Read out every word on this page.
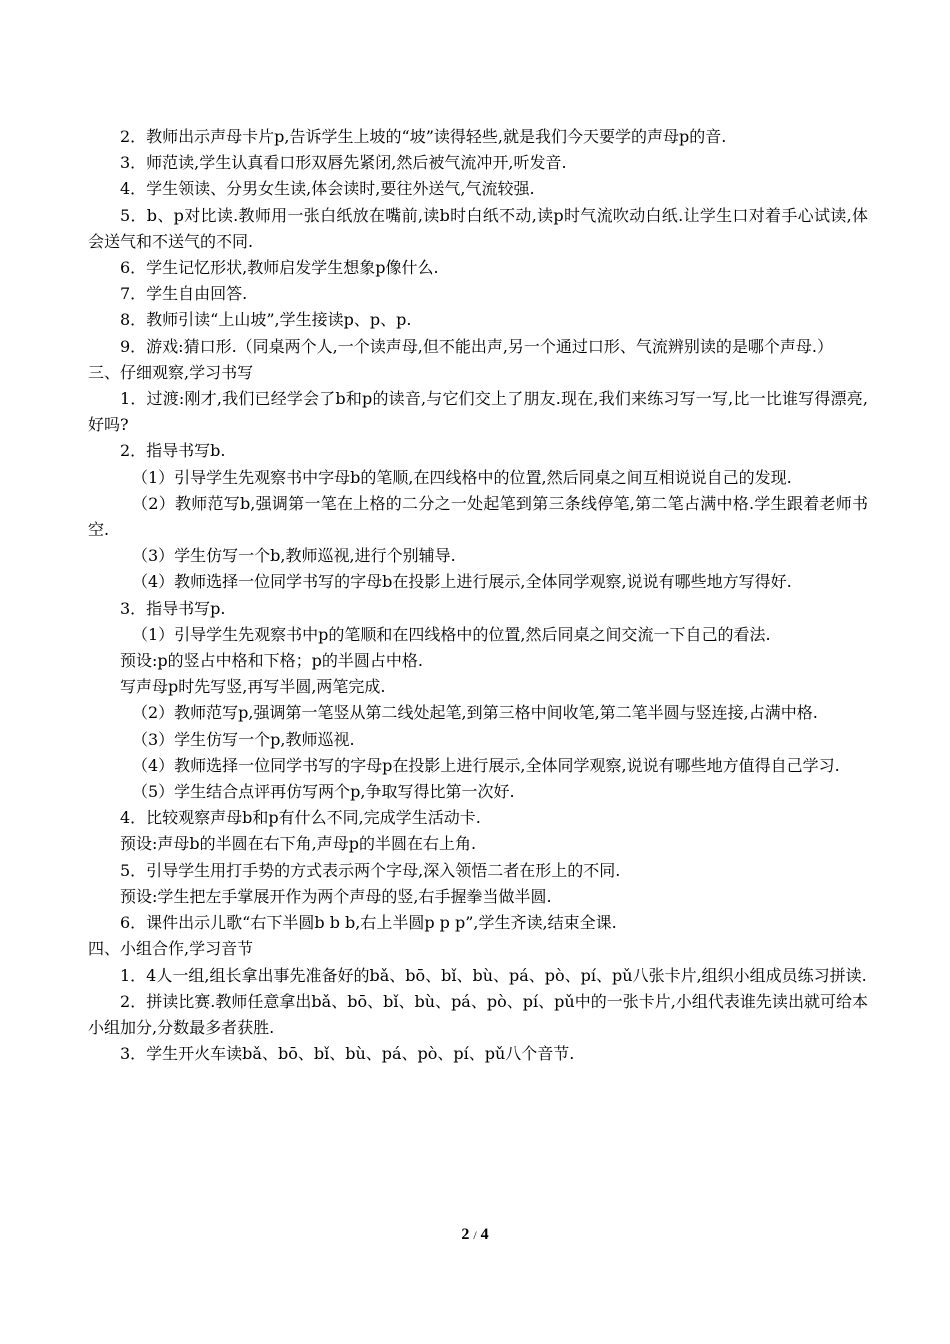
2．教师出示声母卡片p,告诉学生上坡的“坡”读得轻些,就是我们今天要学的声母p的音.

3．师范读,学生认真看口形双唇先紧闭,然后被气流冲开,听发音.

4．学生领读、分男女生读,体会读时,要往外送气,气流较强.

5．b、p对比读.教师用一张白纸放在嘴前,读b时白纸不动,读p时气流吹动白纸.让学生口对着手心试读,体会送气和不送气的不同.

6．学生记忆形状,教师启发学生想象p像什么.

7．学生自由回答.

8．教师引读“上山坡”,学生接读p、p、p.

9．游戏:猜口形.（同桌两个人,一个读声母,但不能出声,另一个通过口形、气流辨别读的是哪个声母.）

三、仔细观察,学习书写

1．过渡:刚才,我们已经学会了b和p的读音,与它们交上了朋友.现在,我们来练习写一写,比一比谁写得漂亮,好吗?

2．指导书写b.

（1）引导学生先观察书中字母b的笔顺,在四线格中的位置,然后同桌之间互相说说自己的发现.

（2）教师范写b,强调第一笔在上格的二分之一处起笔到第三条线停笔,第二笔占满中格.学生跟着老师书空.

（3）学生仿写一个b,教师巡视,进行个别辅导.

（4）教师选择一位同学书写的字母b在投影上进行展示,全体同学观察,说说有哪些地方写得好.

3．指导书写p.

（1）引导学生先观察书中p的笔顺和在四线格中的位置,然后同桌之间交流一下自己的看法.

预设:p的竖占中格和下格；p的半圆占中格.

写声母p时先写竖,再写半圆,两笔完成.

（2）教师范写p,强调第一笔竖从第二线处起笔,到第三格中间收笔,第二笔半圆与竖连接,占满中格.

（3）学生仿写一个p,教师巡视.

（4）教师选择一位同学书写的字母p在投影上进行展示,全体同学观察,说说有哪些地方值得自己学习.

（5）学生结合点评再仿写两个p,争取写得比第一次好.

4．比较观察声母b和p有什么不同,完成学生活动卡.

预设:声母b的半圆在右下角,声母p的半圆在右上角.

5．引导学生用打手势的方式表示两个字母,深入领悟二者在形上的不同.

预设:学生把左手掌展开作为两个声母的竖,右手握拳当做半圆.

6．课件出示儿歌“右下半圆b b b,右上半圆p p p”,学生齐读,结束全课.

四、小组合作,学习音节

1．4人一组,组长拿出事先准备好的bǎ、bō、bǐ、bù、pá、pò、pí、pǔ八张卡片,组织小组成员练习拼读.

2．拼读比赛.教师任意拿出bǎ、bō、bǐ、bù、pá、pò、pí、pǔ中的一张卡片,小组代表谁先读出就可给本小组加分,分数最多者获胜.

3．学生开火车读bǎ、bō、bǐ、bù、pá、pò、pí、pǔ八个音节.

2 / 4
